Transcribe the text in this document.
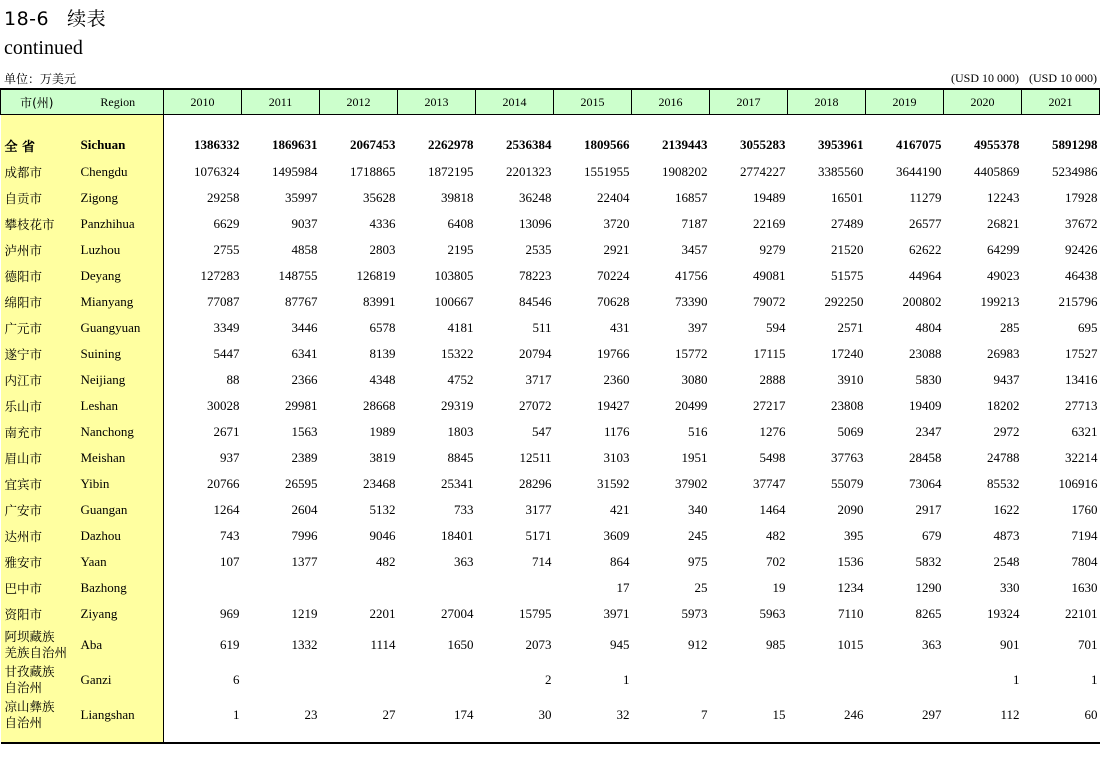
18-6 续表
continued
单位：万美元	(USD 10 000) (USD 10 000)
市(州)	Region	2010	2011	2012	2013	2014	2015	2016	2017	2018	2019	2020	2021

全 省	Sichuan	1386332	1869631	2067453	2262978	2536384	1809566	2139443	3055283	3953961	4167075	4955378	5891298
成都市	Chengdu	1076324	1495984	1718865	1872195	2201323	1551955	1908202	2774227	3385560	3644190	4405869	5234986
自贡市	Zigong	29258	35997	35628	39818	36248	22404	16857	19489	16501	11279	12243	17928
攀枝花市	Panzhihua	6629	9037	4336	6408	13096	3720	7187	22169	27489	26577	26821	37672
泸州市	Luzhou	2755	4858	2803	2195	2535	2921	3457	9279	21520	62622	64299	92426
德阳市	Deyang	127283	148755	126819	103805	78223	70224	41756	49081	51575	44964	49023	46438
绵阳市	Mianyang	77087	87767	83991	100667	84546	70628	73390	79072	292250	200802	199213	215796
广元市	Guangyuan	3349	3446	6578	4181	511	431	397	594	2571	4804	285	695
遂宁市	Suining	5447	6341	8139	15322	20794	19766	15772	17115	17240	23088	26983	17527
内江市	Neijiang	88	2366	4348	4752	3717	2360	3080	2888	3910	5830	9437	13416
乐山市	Leshan	30028	29981	28668	29319	27072	19427	20499	27217	23808	19409	18202	27713
南充市	Nanchong	2671	1563	1989	1803	547	1176	516	1276	5069	2347	2972	6321
眉山市	Meishan	937	2389	3819	8845	12511	3103	1951	5498	37763	28458	24788	32214
宜宾市	Yibin	20766	26595	23468	25341	28296	31592	37902	37747	55079	73064	85532	106916
广安市	Guangan	1264	2604	5132	733	3177	421	340	1464	2090	2917	1622	1760
达州市	Dazhou	743	7996	9046	18401	5171	3609	245	482	395	679	4873	7194
雅安市	Yaan	107	1377	482	363	714	864	975	702	1536	5832	2548	7804
巴中市	Bazhong						17	25	19	1234	1290	330	1630
资阳市	Ziyang	969	1219	2201	27004	15795	3971	5973	5963	7110	8265	19324	22101

阿坝藏族
羌族自治州	Aba	619	1332	1114	1650	2073	945	912	985	1015	363	901	701

甘孜藏族
自治州	Ganzi	6				2	1					1	1

凉山彝族
自治州	Liangshan	1	23	27	174	30	32	7	15	246	297	112	60
